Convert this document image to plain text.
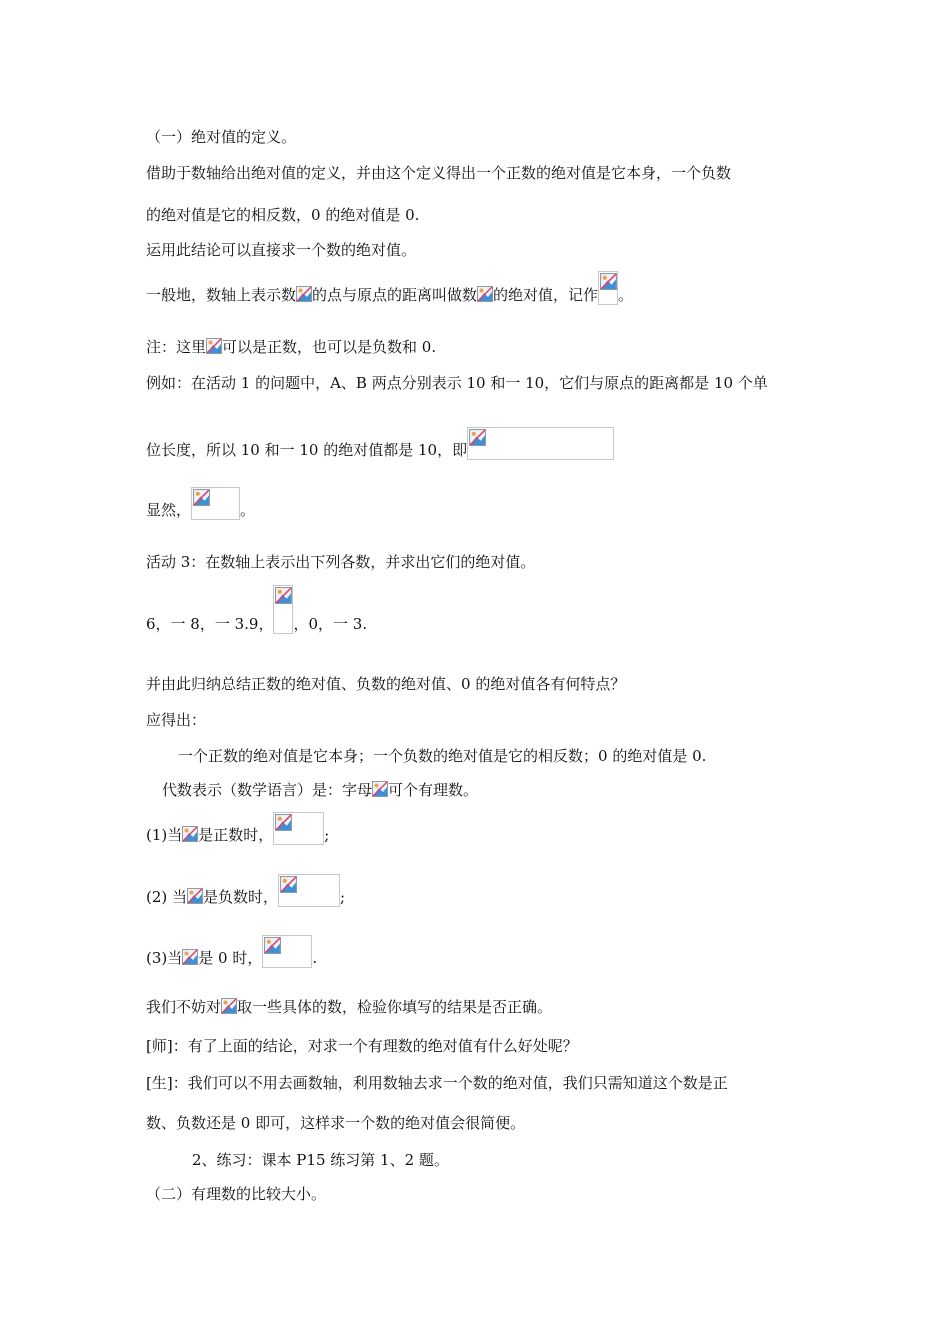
（一）绝对值的定义。
借助于数轴给出绝对值的定义，并由这个定义得出一个正数的绝对值是它本身，一个负数
的绝对值是它的相反数，0 的绝对值是 0.
运用此结论可以直接求一个数的绝对值。
一般地，数轴上表示数 的点与原点的距离叫做数 的绝对值，记作 。
注：这里 可以是正数，也可以是负数和 0.
例如：在活动 1 的问题中，A、B 两点分别表示 10 和一 10，它们与原点的距离都是 10 个单
位长度，所以 10 和一 10 的绝对值都是 10，即
显然，	。
活动 3：在数轴上表示出下列各数，并求出它们的绝对值。
6，一 8，一 3.9， ，0，一 3.
并由此归纳总结正数的绝对值、负数的绝对值、0 的绝对值各有何特点？
应得出：
一个正数的绝对值是它本身；一个负数的绝对值是它的相反数；0 的绝对值是 0.
代数表示（数学语言）是：字母 可个有理数。
(1)当 是正数时，	;
(2) 当 是负数时，	;
(3)当 是 0 时，	.
我们不妨对 取一些具体的数，检验你填写的结果是否正确。
[师]：有了上面的结论，对求一个有理数的绝对值有什么好处呢？
[生]：我们可以不用去画数轴，利用数轴去求一个数的绝对值，我们只需知道这个数是正
数、负数还是 0 即可，这样求一个数的绝对值会很简便。
2、练习：课本 P15 练习第 1、2 题。
（二）有理数的比较大小。
